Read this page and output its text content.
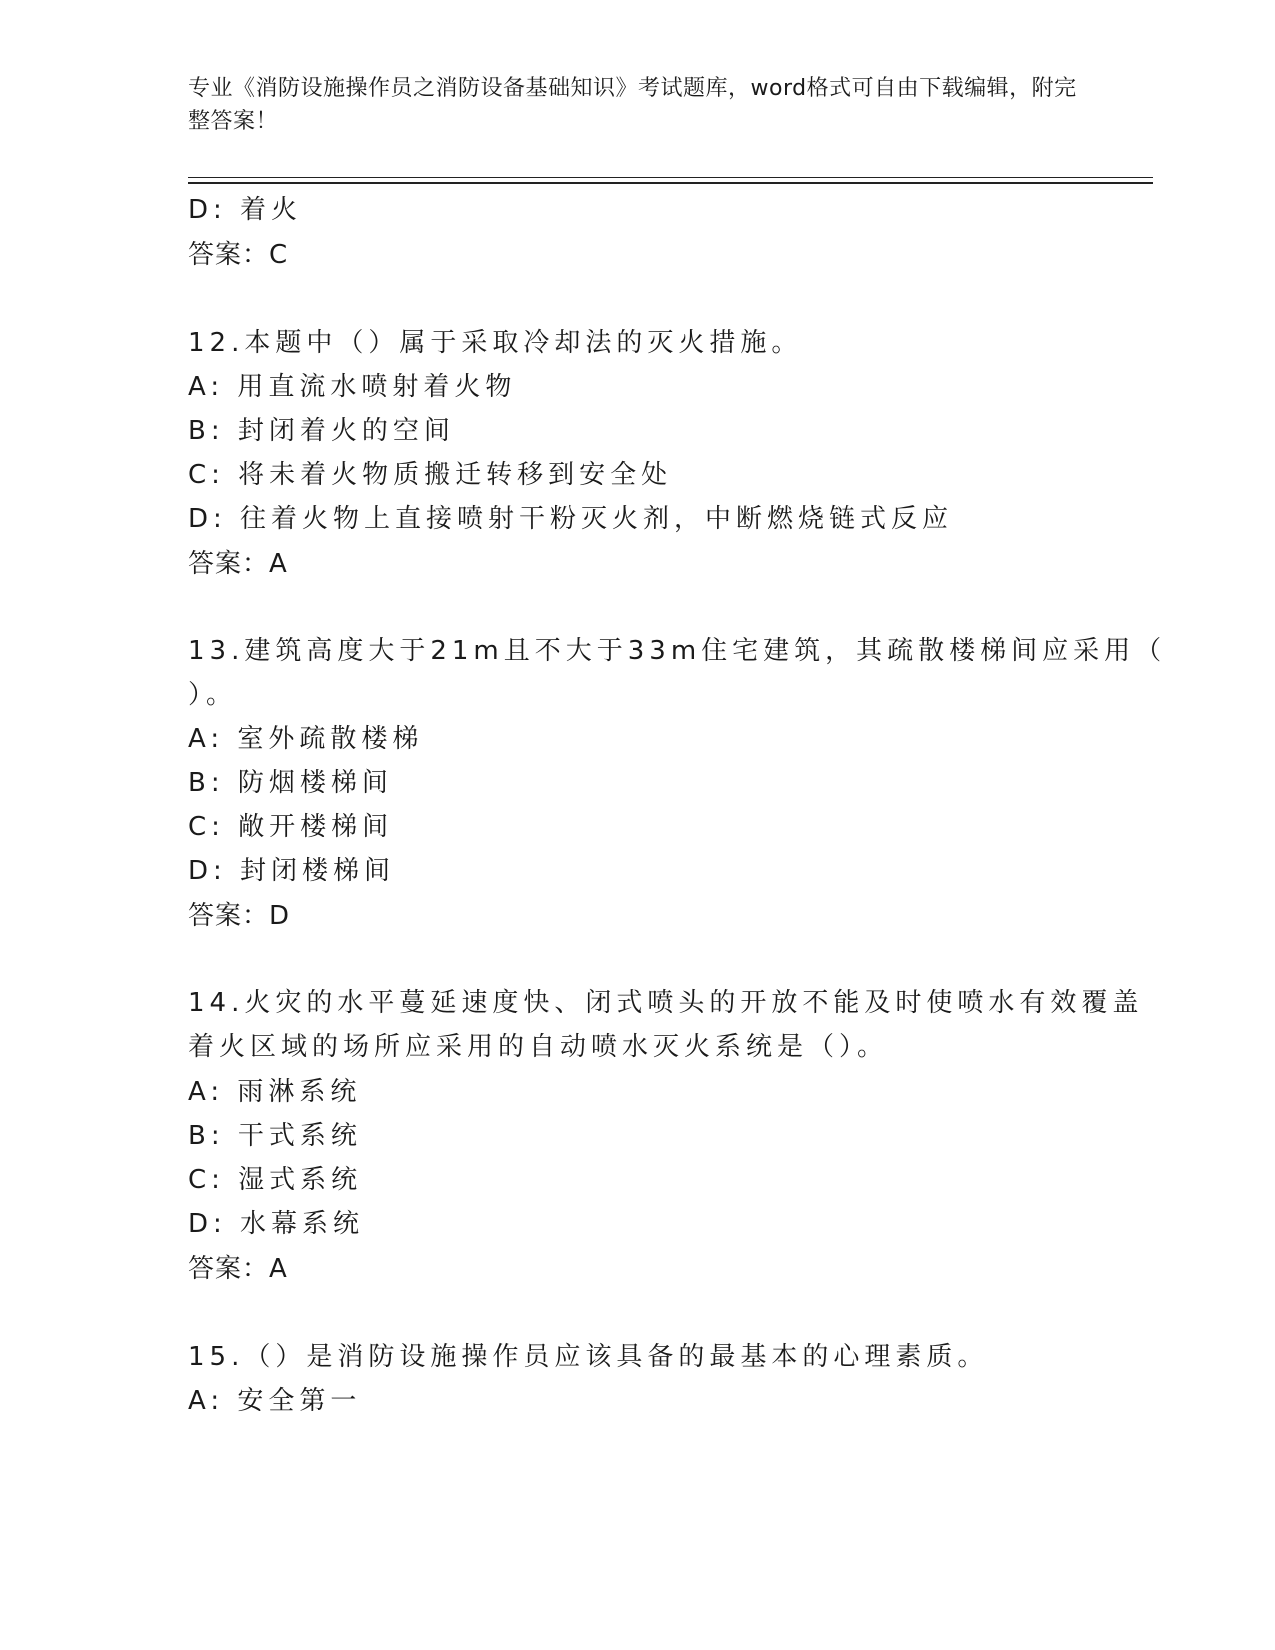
专业《消防设施操作员之消防设备基础知识》考试题库，word格式可自由下载编辑，附完整答案！
D: 着火
答案：C
12.本题中（）属于采取冷却法的灭火措施。
A: 用直流水喷射着火物
B: 封闭着火的空间
C: 将未着火物质搬迁转移到安全处
D: 往着火物上直接喷射干粉灭火剂，中断燃烧链式反应
答案：A
13.建筑高度大于21m且不大于33m住宅建筑，其疏散楼梯间应采用（
）。
A: 室外疏散楼梯
B: 防烟楼梯间
C: 敞开楼梯间
D: 封闭楼梯间
答案：D
14.火灾的水平蔓延速度快、闭式喷头的开放不能及时使喷水有效覆盖
着火区域的场所应采用的自动喷水灭火系统是（）。
A: 雨淋系统
B: 干式系统
C: 湿式系统
D: 水幕系统
答案：A
15.（）是消防设施操作员应该具备的最基本的心理素质。
A: 安全第一
